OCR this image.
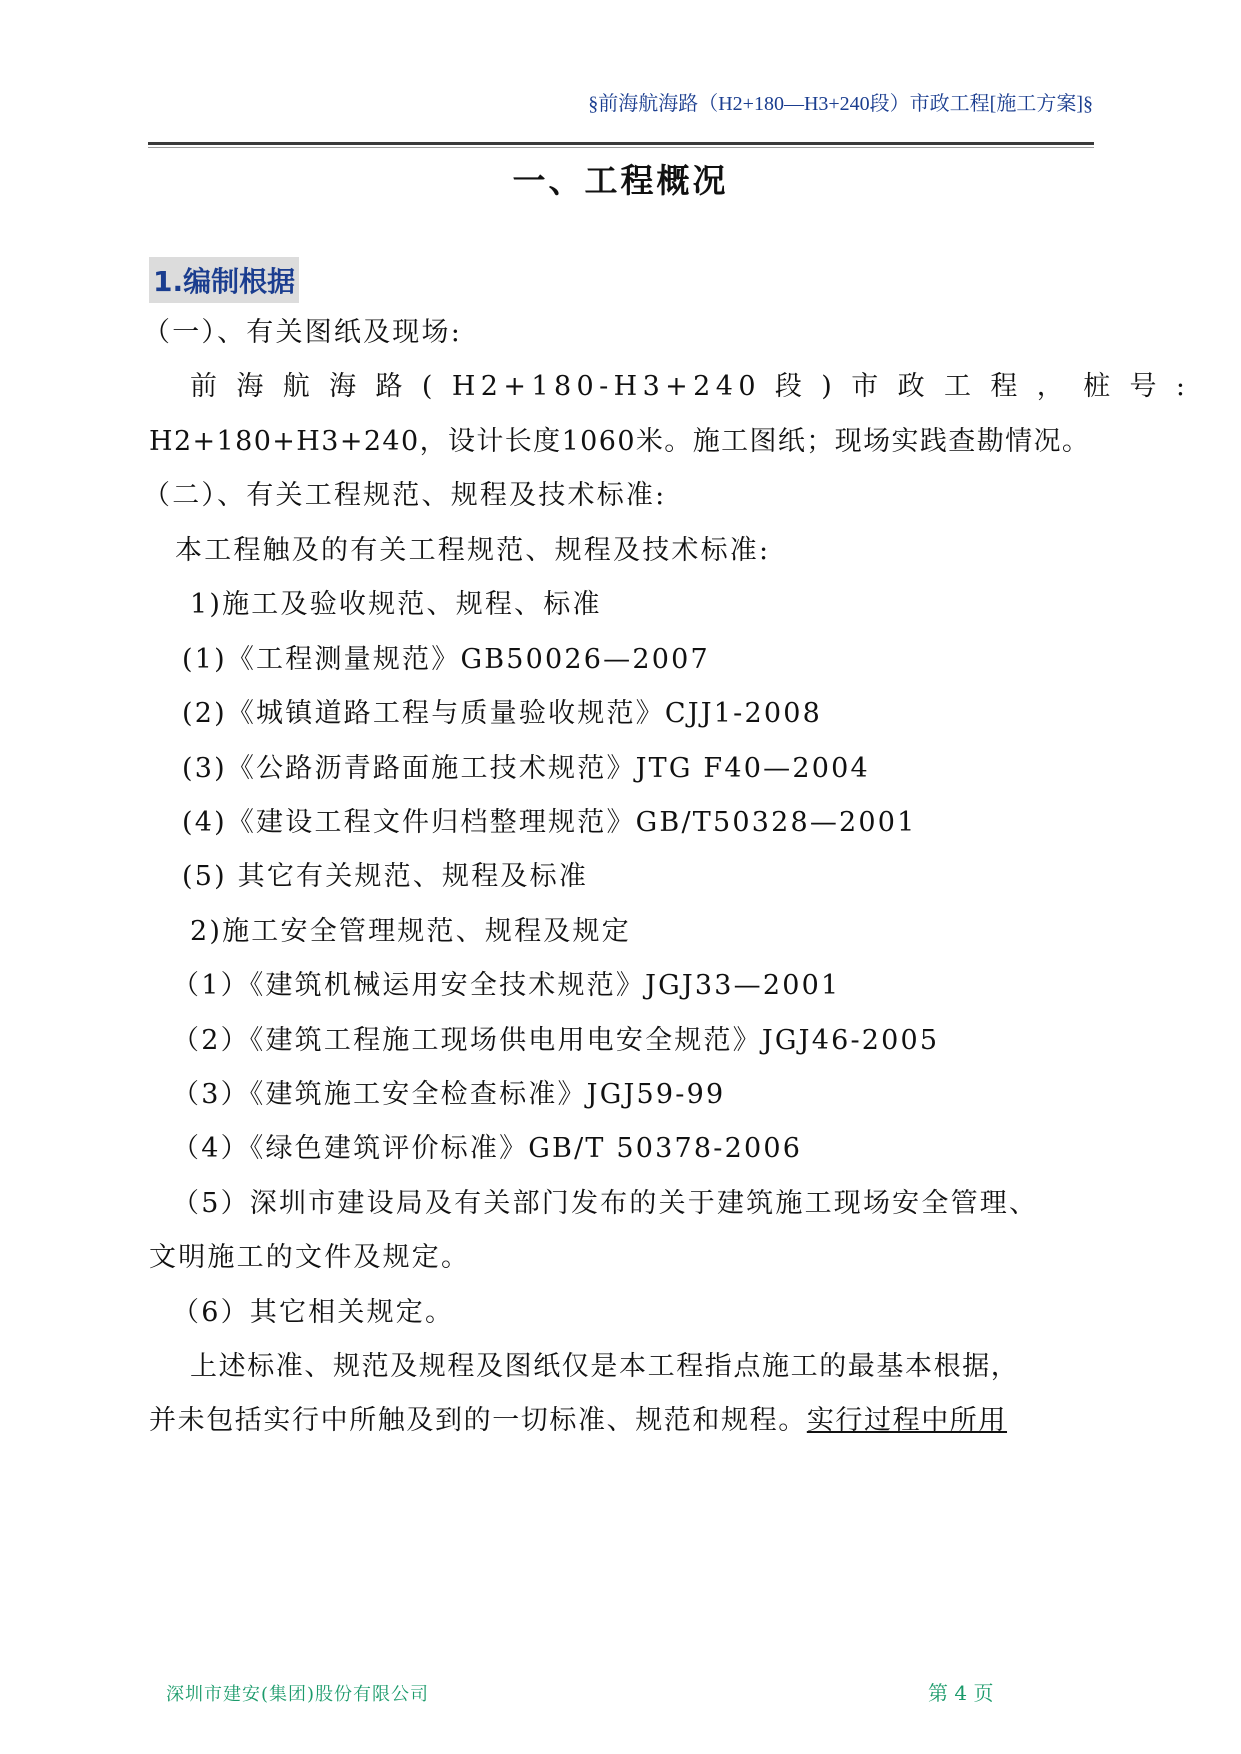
§前海航海路（H2+180—H3+240段）市政工程[施工方案]§
一、工程概况
1.编制根据
（一）、有关图纸及现场:
前 海 航 海 路 ( H2+180-H3+240 段 ) 市 政 工 程 ， 桩 号 :
H2+180+H3+240，设计长度1060米。施工图纸；现场实践查勘情况。
（二）、有关工程规范、规程及技术标准:
本工程触及的有关工程规范、规程及技术标准:
1)施工及验收规范、规程、标准
(1)《工程测量规范》GB50026—2007
(2)《城镇道路工程与质量验收规范》CJJ1-2008
(3)《公路沥青路面施工技术规范》JTG F40—2004
(4)《建设工程文件归档整理规范》GB/T50328—2001
(5) 其它有关规范、规程及标准
2)施工安全管理规范、规程及规定
（1）《建筑机械运用安全技术规范》JGJ33—2001
（2）《建筑工程施工现场供电用电安全规范》JGJ46-2005
（3）《建筑施工安全检查标准》JGJ59-99
（4）《绿色建筑评价标准》GB/T 50378-2006
（5）深圳市建设局及有关部门发布的关于建筑施工现场安全管理、
文明施工的文件及规定。
（6）其它相关规定。
上述标准、规范及规程及图纸仅是本工程指点施工的最基本根据，
并未包括实行中所触及到的一切标准、规范和规程。实行过程中所用
深圳市建安(集团)股份有限公司	第 4 页
